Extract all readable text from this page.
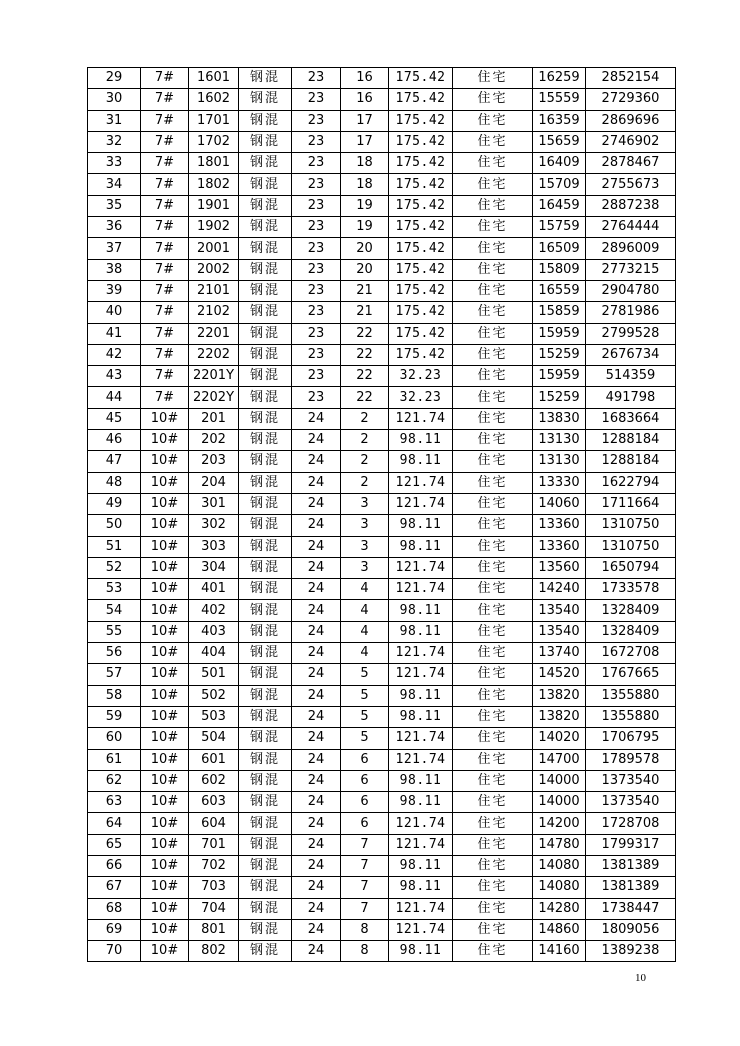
29	7#	1601	钢混	23	16	175.42	住宅	16259	2852154
30	7#	1602	钢混	23	16	175.42	住宅	15559	2729360
31	7#	1701	钢混	23	17	175.42	住宅	16359	2869696
32	7#	1702	钢混	23	17	175.42	住宅	15659	2746902
33	7#	1801	钢混	23	18	175.42	住宅	16409	2878467
34	7#	1802	钢混	23	18	175.42	住宅	15709	2755673
35	7#	1901	钢混	23	19	175.42	住宅	16459	2887238
36	7#	1902	钢混	23	19	175.42	住宅	15759	2764444
37	7#	2001	钢混	23	20	175.42	住宅	16509	2896009
38	7#	2002	钢混	23	20	175.42	住宅	15809	2773215
39	7#	2101	钢混	23	21	175.42	住宅	16559	2904780
40	7#	2102	钢混	23	21	175.42	住宅	15859	2781986
41	7#	2201	钢混	23	22	175.42	住宅	15959	2799528
42	7#	2202	钢混	23	22	175.42	住宅	15259	2676734
43	7#	2201Y	钢混	23	22	32.23	住宅	15959	514359
44	7#	2202Y	钢混	23	22	32.23	住宅	15259	491798
45	10#	201	钢混	24	2	121.74	住宅	13830	1683664
46	10#	202	钢混	24	2	98.11	住宅	13130	1288184
47	10#	203	钢混	24	2	98.11	住宅	13130	1288184
48	10#	204	钢混	24	2	121.74	住宅	13330	1622794
49	10#	301	钢混	24	3	121.74	住宅	14060	1711664
50	10#	302	钢混	24	3	98.11	住宅	13360	1310750
51	10#	303	钢混	24	3	98.11	住宅	13360	1310750
52	10#	304	钢混	24	3	121.74	住宅	13560	1650794
53	10#	401	钢混	24	4	121.74	住宅	14240	1733578
54	10#	402	钢混	24	4	98.11	住宅	13540	1328409
55	10#	403	钢混	24	4	98.11	住宅	13540	1328409
56	10#	404	钢混	24	4	121.74	住宅	13740	1672708
57	10#	501	钢混	24	5	121.74	住宅	14520	1767665
58	10#	502	钢混	24	5	98.11	住宅	13820	1355880
59	10#	503	钢混	24	5	98.11	住宅	13820	1355880
60	10#	504	钢混	24	5	121.74	住宅	14020	1706795
61	10#	601	钢混	24	6	121.74	住宅	14700	1789578
62	10#	602	钢混	24	6	98.11	住宅	14000	1373540
63	10#	603	钢混	24	6	98.11	住宅	14000	1373540
64	10#	604	钢混	24	6	121.74	住宅	14200	1728708
65	10#	701	钢混	24	7	121.74	住宅	14780	1799317
66	10#	702	钢混	24	7	98.11	住宅	14080	1381389
67	10#	703	钢混	24	7	98.11	住宅	14080	1381389
68	10#	704	钢混	24	7	121.74	住宅	14280	1738447
69	10#	801	钢混	24	8	121.74	住宅	14860	1809056
70	10#	802	钢混	24	8	98.11	住宅	14160	1389238
10
